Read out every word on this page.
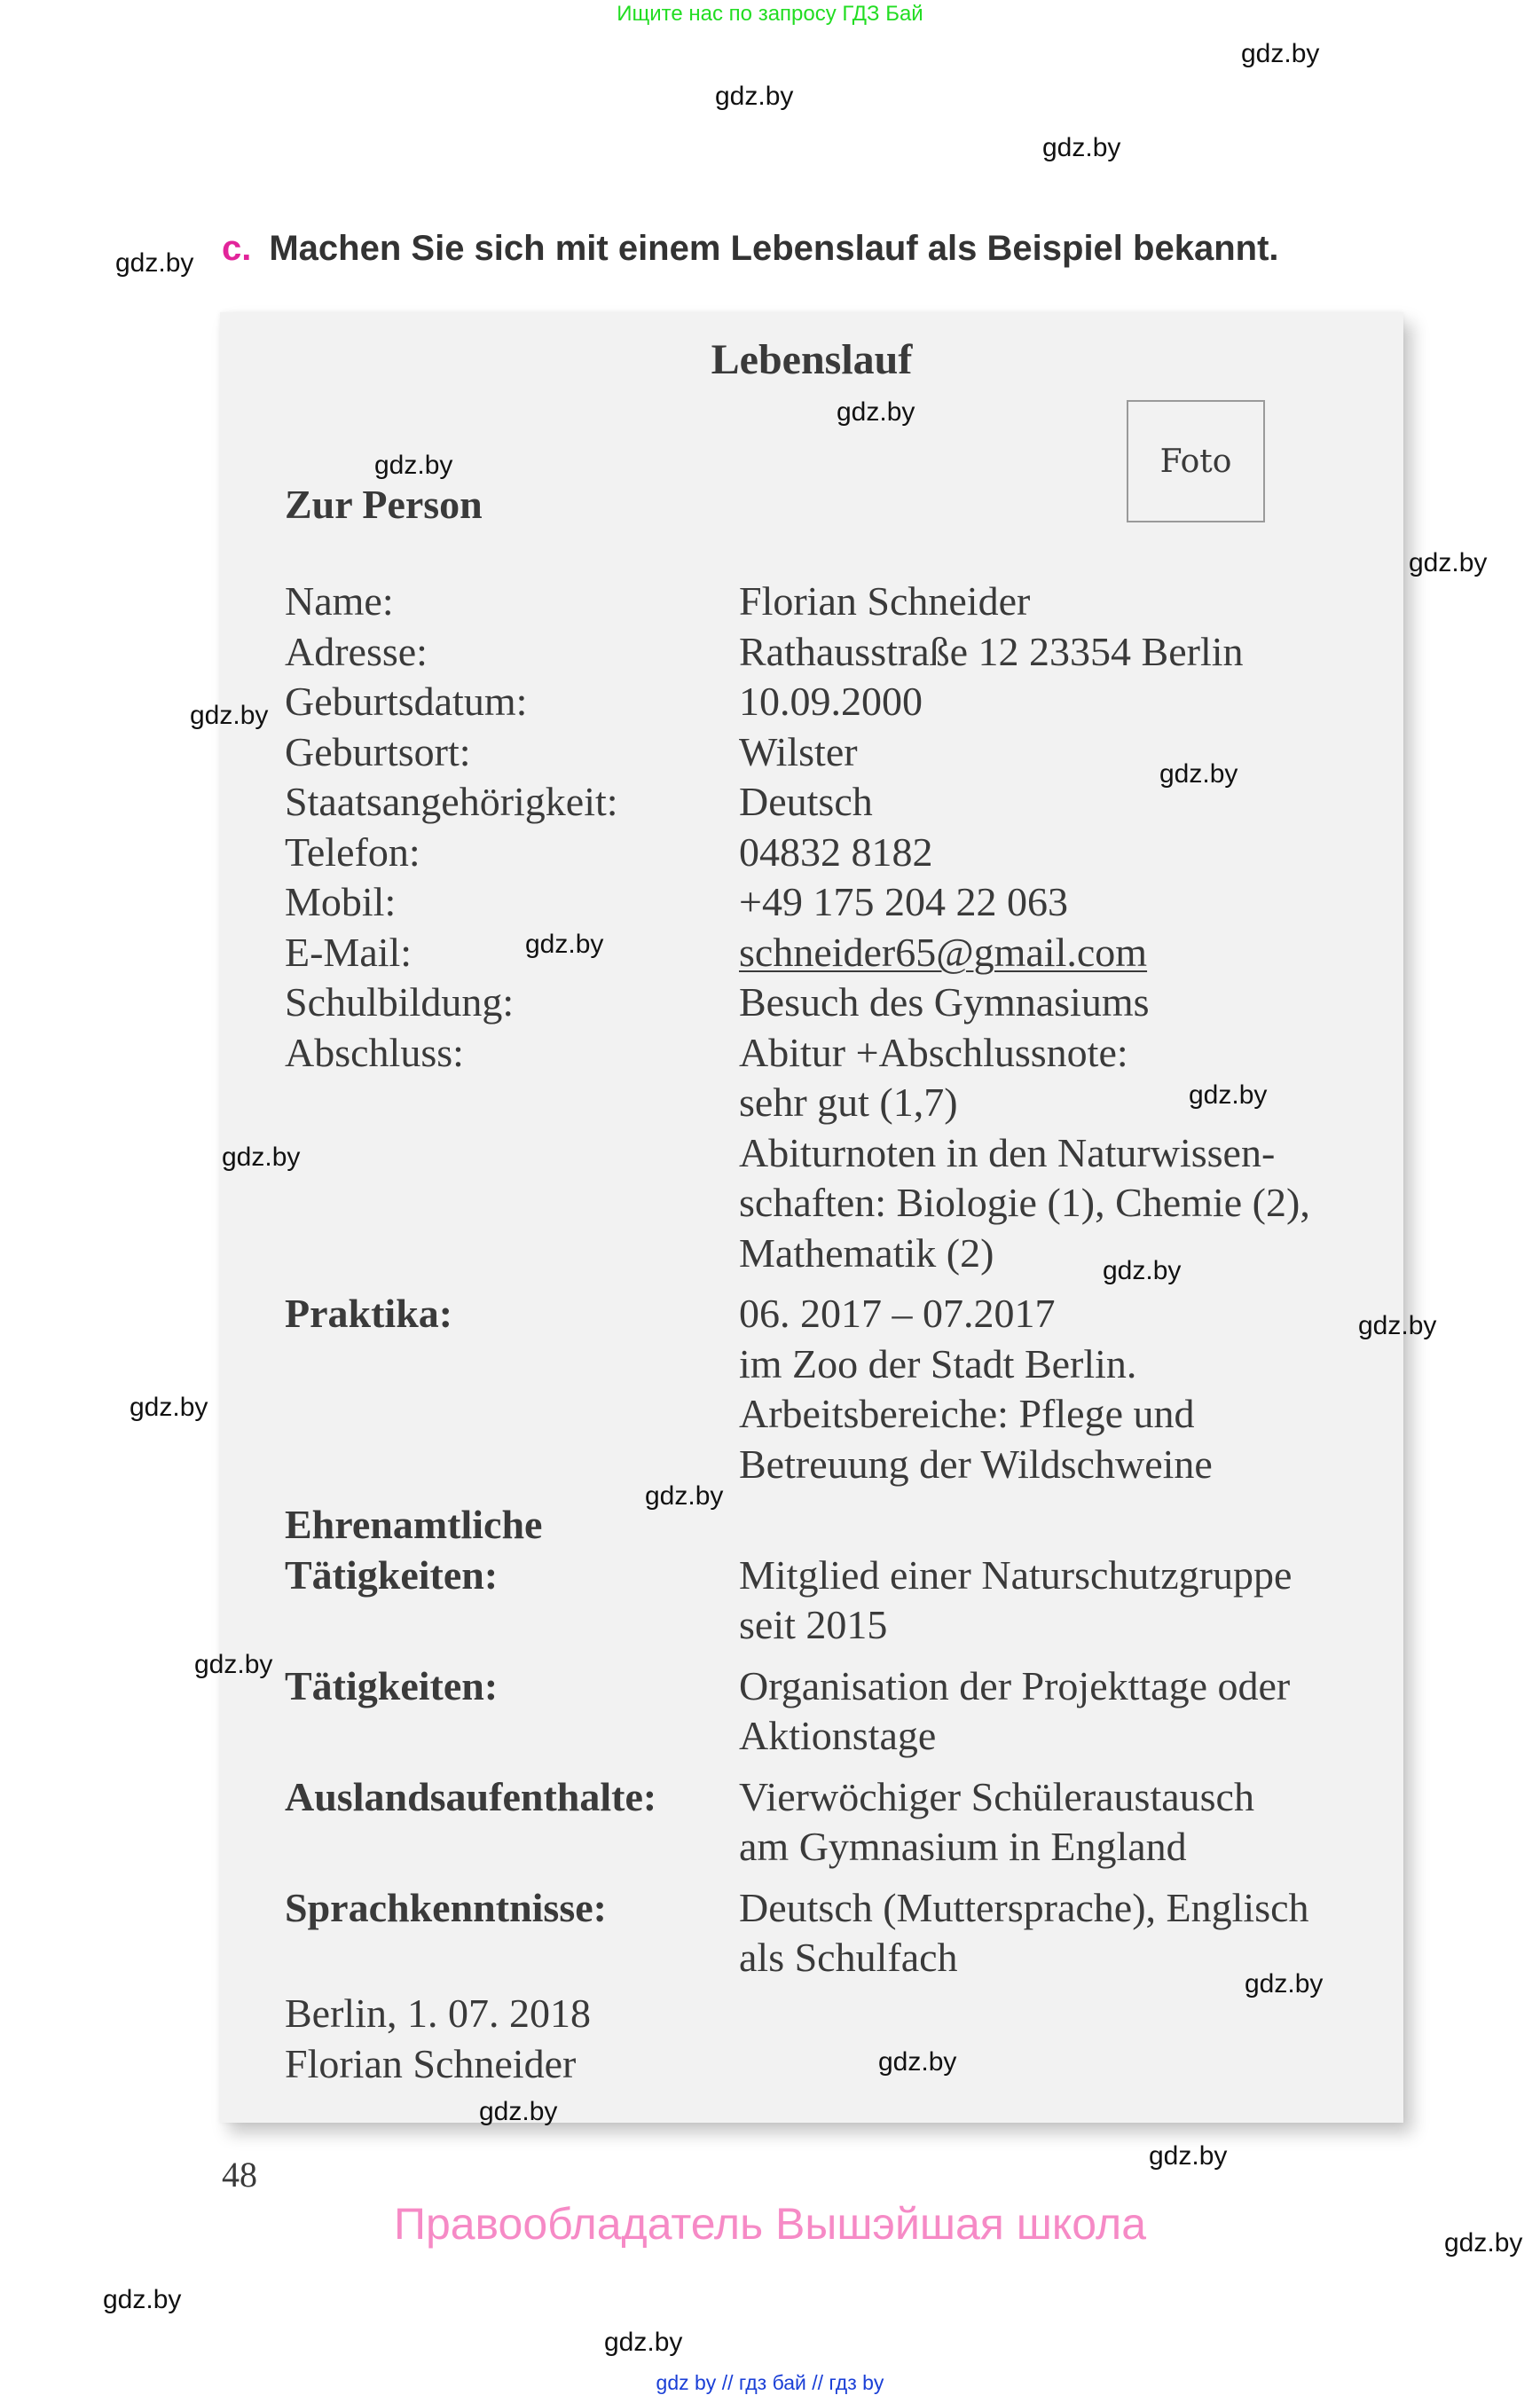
Ищите нас по запросу ГДЗ Бай
c. Machen Sie sich mit einem Lebenslauf als Beispiel bekannt.
Lebenslauf
Foto
Zur Person
Name:	Florian Schneider
Adresse:	Rathausstraße 12 23354 Berlin
Geburtsdatum:	10.09.2000
Geburtsort:	Wilster
Staatsangehörigkeit:	Deutsch
Telefon:	04832 8182
Mobil:	+49 175 204 22 063
E-Mail:	schneider65@gmail.com
Schulbildung:	Besuch des Gymnasiums
Abschluss:	Abitur +Abschlussnote:
sehr gut (1,7)
Abiturnoten in den Naturwissen-
schaften: Biologie (1), Chemie (2),
Mathematik (2)
Praktika:	06. 2017 – 07.2017
im Zoo der Stadt Berlin.
Arbeitsbereiche: Pflege und
Betreuung der Wildschweine
Ehrenamtliche
Tätigkeiten:	Mitglied einer Naturschutzgruppe
seit 2015
Tätigkeiten:	Organisation der Projekttage oder
Aktionstage
Auslandsaufenthalte:	Vierwöchiger Schüleraustausch
am Gymnasium in England
Sprachkenntnisse:	Deutsch (Muttersprache), Englisch
als Schulfach
Berlin, 1. 07. 2018
Florian Schneider
48
Правообладатель Вышэйшая школа
gdz by // гдз бай // гдз by
gdz.by
gdz.by
gdz.by
gdz.by
gdz.by
gdz.by
gdz.by
gdz.by
gdz.by
gdz.by
gdz.by
gdz.by
gdz.by
gdz.by
gdz.by
gdz.by
gdz.by
gdz.by
gdz.by
gdz.by
gdz.by
gdz.by
gdz.by
gdz.by
